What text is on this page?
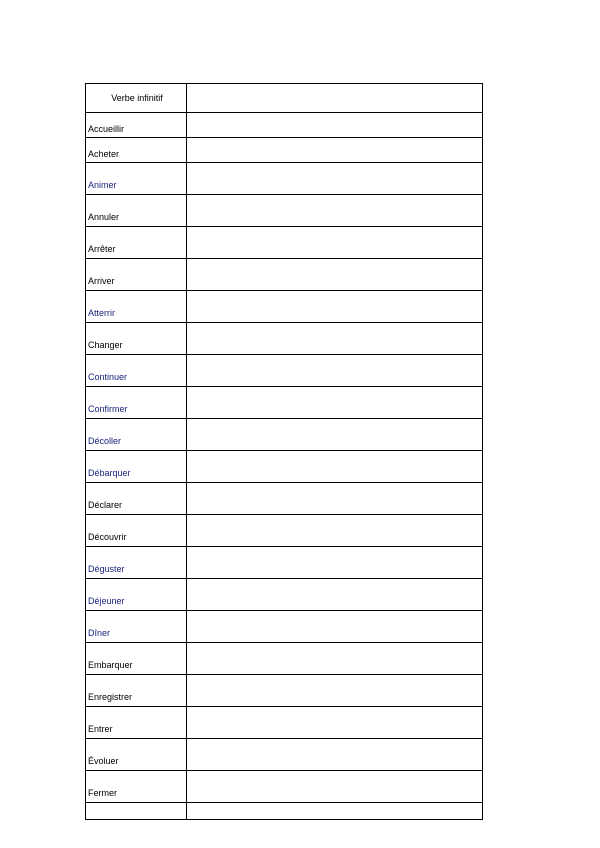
Verbe infinitif	
Accueillir	
Acheter	
Animer	
Annuler	
Arrêter	
Arriver	
Atterrir	
Changer	
Continuer	
Confirmer	
Décoller	
Débarquer	
Déclarer	
Découvrir	
Déguster	
Déjeuner	
Dîner	
Embarquer	
Enregistrer	
Entrer	
Évoluer	
Fermer	
